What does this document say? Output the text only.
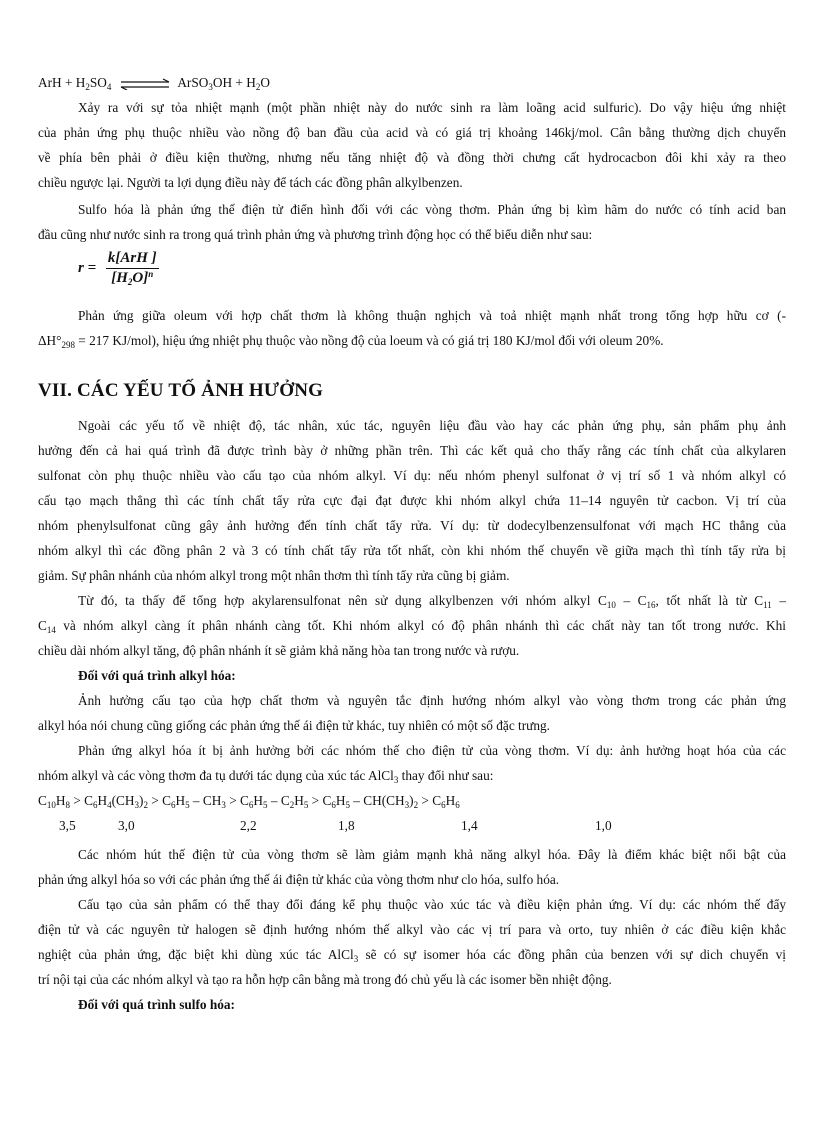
ArH + $H_2SO_4$ ⇌ ArSO$_3$OH + $H_2O$
Xảy ra với sự tỏa nhiệt mạnh (một phần nhiệt này do nước sinh ra làm loãng acid sulfuric). Do vậy hiệu ứng nhiệt
của phản ứng phụ thuộc nhiều vào nồng độ ban đầu của acid và có giá trị khoảng 146kj/mol. Cân bằng thường dịch chuyển
về phía bên phải ở điều kiện thường, nhưng nếu tăng nhiệt độ và đồng thời chưng cất hydrocacbon đôi khi xảy ra theo
chiều ngược lại. Người ta lợi dụng điều này để tách các đồng phân alkylbenzen.
Sulfo hóa là phản ứng thế điện tử điển hình đối với các vòng thơm. Phản ứng bị kìm hãm do nước có tính acid ban
đầu cũng như nước sinh ra trong quá trình phản ứng và phương trình động học có thể biểu diễn như sau:
$r = \frac{\text{k[ArH ]}}{[H_2O]^n}$
Phản ứng giữa oleum với hợp chất thơm là không thuận nghịch và toả nhiệt mạnh nhất trong tổng hợp hữu cơ (-
$\Delta H^\circ_{298} = 217$ KJ/mol), hiệu ứng nhiệt phụ thuộc vào nồng độ của loeum và có giá trị 180 KJ/mol đối với oleum 20%.
VII. CÁC YẾU TỐ ẢNH HƯỞNG
Ngoài các yếu tố về nhiệt độ, tác nhân, xúc tác, nguyên liệu đầu vào hay các phản ứng phụ, sản phẩm phụ ảnh
hưởng đến cả hai quá trình đã được trình bày ở những phần trên. Thì các kết quả cho thấy rằng các tính chất của alkylaren
sulfonat còn phụ thuộc nhiều vào cấu tạo của nhóm alkyl. Ví dụ: nếu nhóm phenyl sulfonat ở vị trí số 1 và nhóm alkyl có
cấu tạo mạch thẳng thì các tính chất tẩy rửa cực đại đạt được khi nhóm alkyl chứa 11–14 nguyên tử cacbon. Vị trí của
nhóm phenylsulfonat cũng gây ảnh hưởng đến tính chất tẩy rửa. Ví dụ: từ dodecylbenzensulfonat với mạch HC thẳng của
nhóm alkyl thì các đồng phân 2 và 3 có tính chất tẩy rửa tốt nhất, còn khi nhóm thế chuyển về giữa mạch thì tính tẩy rửa bị
giảm. Sự phân nhánh của nhóm alkyl trong một nhân thơm thì tính tẩy rửa cũng bị giảm.
Từ đó, ta thấy để tổng hợp akylarensulfonat nên sử dụng alkylbenzen với nhóm alkyl $C_{10} - C_{16}$, tốt nhất là từ $C_{11}$ –
$C_{14}$ và nhóm alkyl càng ít phân nhánh càng tốt. Khi nhóm alkyl có độ phân nhánh thì các chất này tan tốt trong nước. Khi
chiều dài nhóm alkyl tăng, độ phân nhánh ít sẽ giảm khả năng hòa tan trong nước và rượu.
Đối với quá trình alkyl hóa:
Ảnh hưởng cấu tạo của hợp chất thơm và nguyên tắc định hướng nhóm alkyl vào vòng thơm trong các phản ứng
alkyl hóa nói chung cũng giống các phản ứng thế ái điện tử khác, tuy nhiên có một số đặc trưng.
Phản ứng alkyl hóa ít bị ảnh hưởng bởi các nhóm thế cho điện tử của vòng thơm. Ví dụ: ảnh hưởng hoạt hóa của các
nhóm alkyl và các vòng thơm đa tụ dưới tác dụng của xúc tác AlCl$_3$ thay đổi như sau:
$C_{10}H_8 > C_6H_4(CH_3)_2 > C_6H_5 - CH_3 > C_6H_5 - C_2H_5 > C_6H_5 - CH(CH_3)_2 > C_6H_6$
3,5	3,0	2,2	1,8	1,4	1,0
Các nhóm hút thế điện tử của vòng thơm sẽ làm giảm mạnh khả năng alkyl hóa. Đây là điểm khác biệt nổi bật của
phản ứng alkyl hóa so với các phản ứng thế ái điện tử khác của vòng thơm như clo hóa, sulfo hóa.
Cấu tạo của sản phẩm có thể thay đổi đáng kể phụ thuộc vào xúc tác và điều kiện phản ứng. Ví dụ: các nhóm thế đẩy
điện tử và các nguyên tử halogen sẽ định hướng nhóm thế alkyl vào các vị trí para và orto, tuy nhiên ở các điều kiện khắc
nghiệt của phản ứng, đặc biệt khi dùng xúc tác AlCl$_3$ sẽ có sự isomer hóa các đồng phân của benzen với sự dich chuyển vị
trí nội tại của các nhóm alkyl và tạo ra hỗn hợp cân bằng mà trong đó chủ yếu là các isomer bền nhiệt động.
Đối với quá trình sulfo hóa:
